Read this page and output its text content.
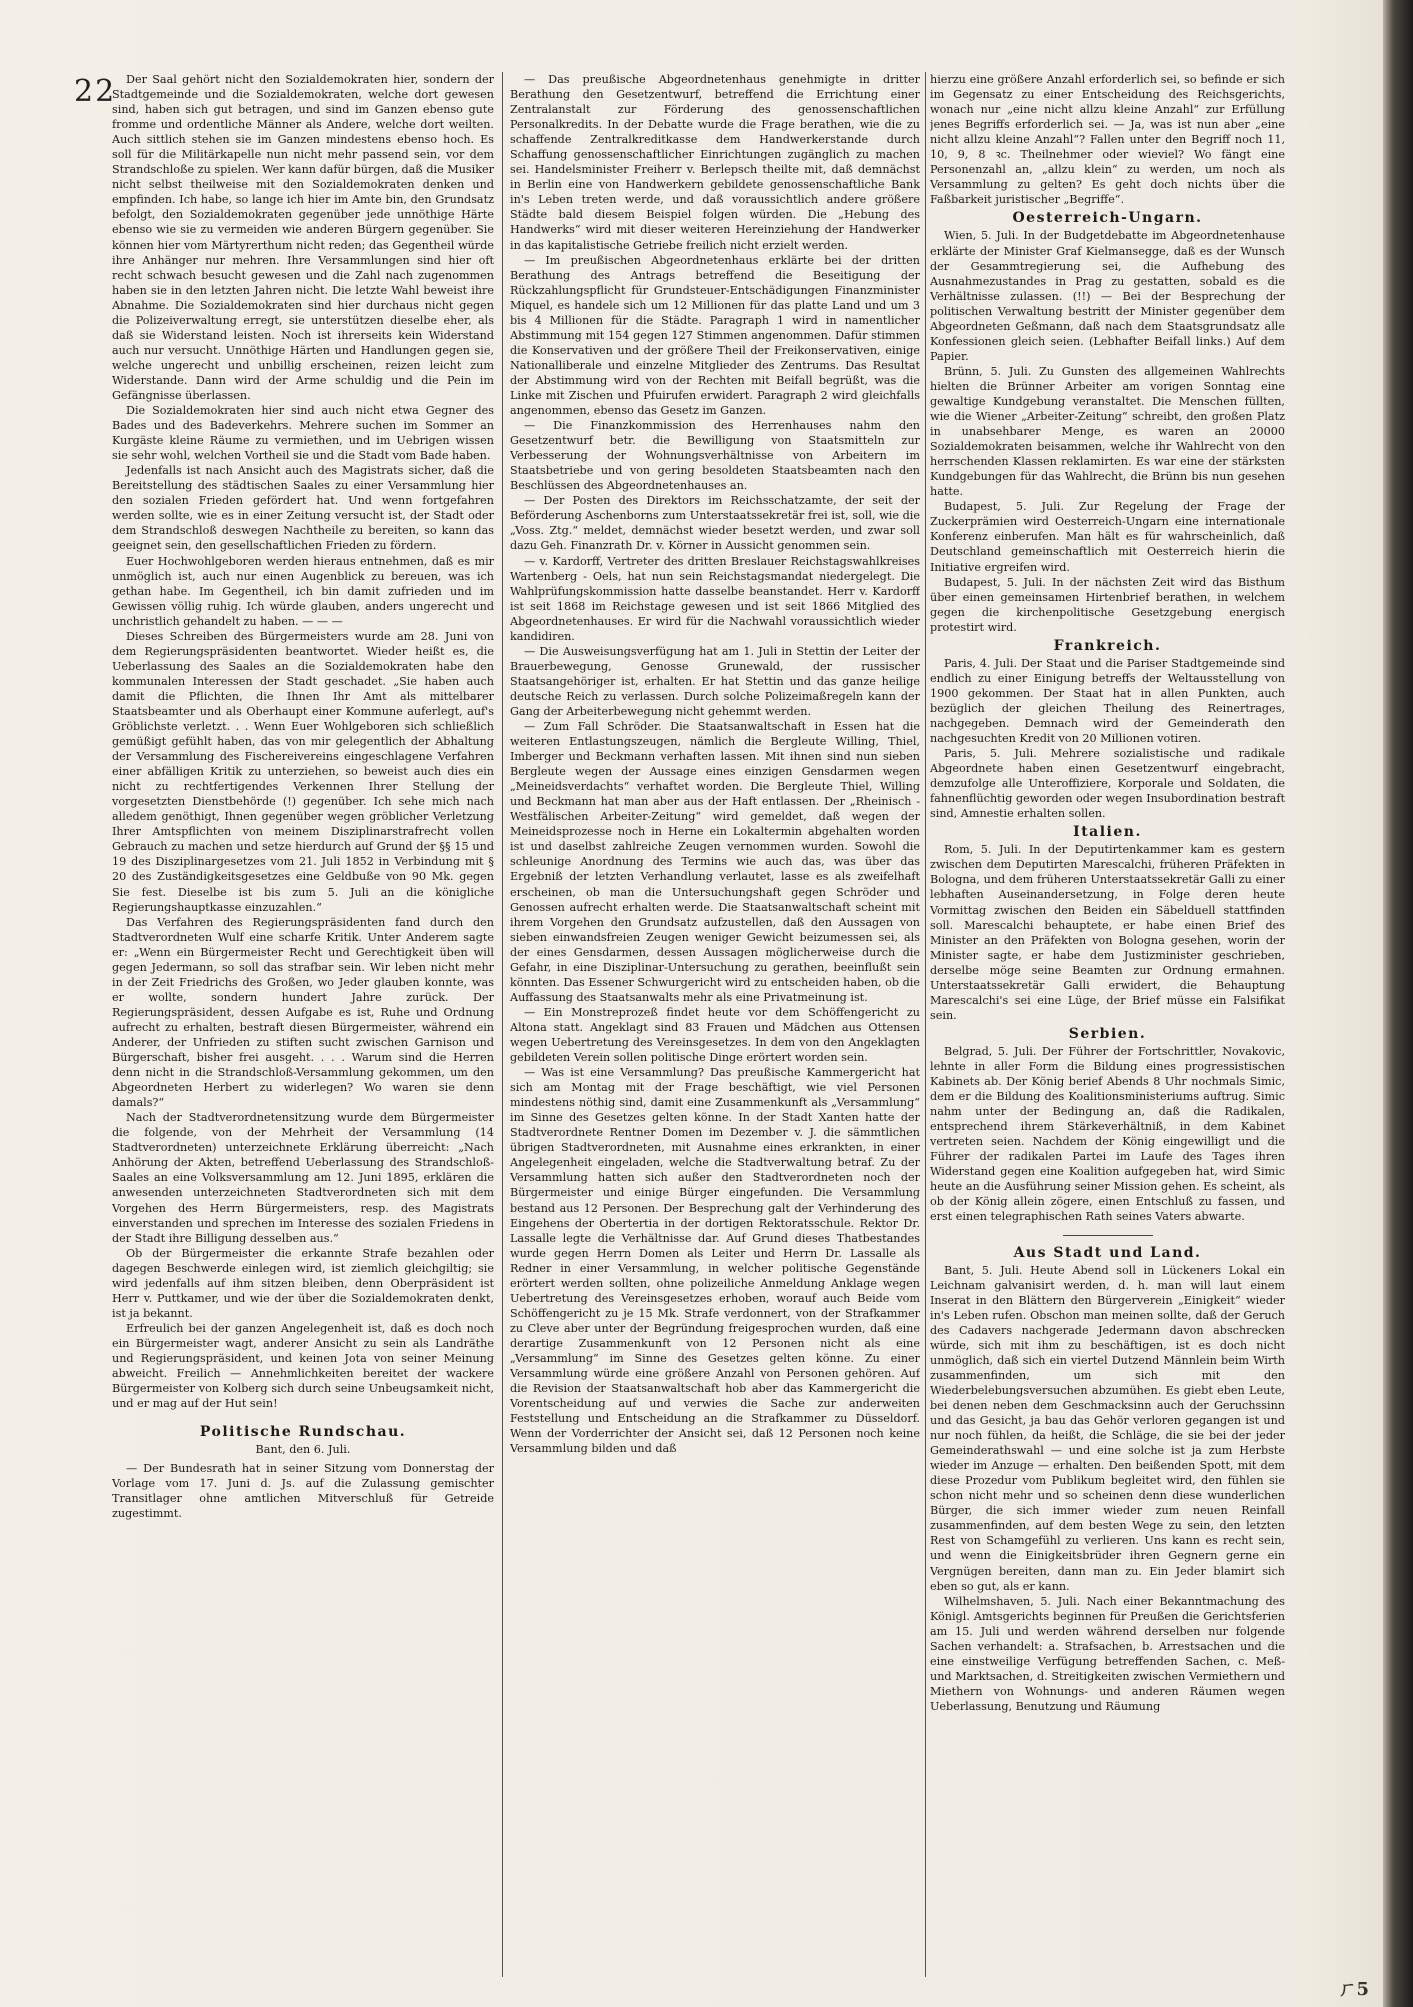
22 Der Saal gehört nicht den Sozialdemokraten hier, sondern der Stadtgemeinde und die Sozialdemokraten, welche dort gewesen sind, haben sich gut betragen, und sind im Ganzen ebenso gute fromme und ordentliche Männer als Andere, welche dort weilten. Auch sittlich stehen sie im Ganzen mindestens ebenso hoch. Es soll für die Militärkapelle nun nicht mehr passend sein, vor dem Strandschloße zu spielen. Wer kann dafür bürgen, daß die Musiker nicht selbst theilweise mit den Sozialdemokraten denken und empfinden. Ich habe, so lange ich hier im Amte bin, den Grundsatz befolgt, den Sozialdemokraten gegenüber jede unnöthige Härte ebenso wie sie zu vermeiden wie anderen Bürgern gegenüber. Sie können hier vom Märtyrerthum nicht reden; das Gegentheil würde ihre Anhänger nur mehren. Ihre Versammlungen sind hier oft recht schwach besucht gewesen und die Zahl nach zugenommen haben sie in den letzten Jahren nicht. Die letzte Wahl beweist ihre Abnahme. Die Sozialdemokraten sind hier durchaus nicht gegen die Polizeiverwaltung erregt, sie unterstützen dieselbe eher, als daß sie Widerstand leisten. Noch ist ihrerseits kein Widerstand auch nur versucht. Unnöthige Härten und Handlungen gegen sie, welche ungerecht und unbillig erscheinen, reizen leicht zum Widerstande. Dann wird der Arme schuldig und die Pein im Gefängnisse überlassen.

Die Sozialdemokraten hier sind auch nicht etwa Gegner des Bades und des Badeverkehrs. Mehrere suchen im Sommer an Kurgäste kleine Räume zu vermiethen, und im Uebrigen wissen sie sehr wohl, welchen Vortheil sie und die Stadt vom Bade haben.

Jedenfalls ist nach Ansicht auch des Magistrats sicher, daß die Bereitstellung des städtischen Saales zu einer Versammlung hier den sozialen Frieden gefördert hat. Und wenn fortgefahren werden sollte, wie es in einer Zeitung versucht ist, der Stadt oder dem Strandschloß deswegen Nachtheile zu bereiten, so kann das geeignet sein, den gesellschaftlichen Frieden zu fördern.

Euer Hochwohlgeboren werden hieraus entnehmen, daß es mir unmöglich ist, auch nur einen Augenblick zu bereuen, was ich gethan habe. Im Gegentheil, ich bin damit zufrieden und im Gewissen völlig ruhig. Ich würde glauben, anders ungerecht und unchristlich gehandelt zu haben. — — —

Dieses Schreiben des Bürgermeisters wurde am 28. Juni von dem Regierungspräsidenten beantwortet. Wieder heißt es, die Ueberlassung des Saales an die Sozialdemokraten habe den kommunalen Interessen der Stadt geschadet. „Sie haben auch damit die Pflichten, die Ihnen Ihr Amt als mittelbarer Staatsbeamter und als Oberhaupt einer Kommune auferlegt, auf's Gröblichste verletzt. . . Wenn Euer Wohlgeboren sich schließlich gemüßigt gefühlt haben, das von mir gelegentlich der Abhaltung der Versammlung des Fischereivereins eingeschlagene Verfahren einer abfälligen Kritik zu unterziehen, so beweist auch dies ein nicht zu rechtfertigendes Verkennen Ihrer Stellung der vorgesetzten Dienstbehörde (!) gegenüber. Ich sehe mich nach alledem genöthigt, Ihnen gegenüber wegen gröblicher Verletzung Ihrer Amtspflichten von meinem Disziplinarstrafrecht vollen Gebrauch zu machen und setze hierdurch auf Grund der §§ 15 und 19 des Disziplinargesetzes vom 21. Juli 1852 in Verbindung mit § 20 des Zuständigkeitsgesetzes eine Geldbuße von 90 Mk. gegen Sie fest. Dieselbe ist bis zum 5. Juli an die königliche Regierungshauptkasse einzuzahlen.“

Das Verfahren des Regierungspräsidenten fand durch den Stadtverordneten Wulf eine scharfe Kritik. Unter Anderem sagte er: „Wenn ein Bürgermeister Recht und Gerechtigkeit üben will gegen Jedermann, so soll das strafbar sein. Wir leben nicht mehr in der Zeit Friedrichs des Großen, wo Jeder glauben konnte, was er wollte, sondern hundert Jahre zurück. Der Regierungspräsident, dessen Aufgabe es ist, Ruhe und Ordnung aufrecht zu erhalten, bestraft diesen Bürgermeister, während ein Anderer, der Unfrieden zu stiften sucht zwischen Garnison und Bürgerschaft, bisher frei ausgeht. . . . Warum sind die Herren denn nicht in die Strandschloß-Versammlung gekommen, um den Abgeordneten Herbert zu widerlegen? Wo waren sie denn damals?“

Nach der Stadtverordnetensitzung wurde dem Bürgermeister die folgende, von der Mehrheit der Versammlung (14 Stadtverordneten) unterzeichnete Erklärung überreicht: „Nach Anhörung der Akten, betreffend Ueberlassung des Strandschloß-Saales an eine Volksversammlung am 12. Juni 1895, erklären die anwesenden unterzeichneten Stadtverordneten sich mit dem Vorgehen des Herrn Bürgermeisters, resp. des Magistrats einverstanden und sprechen im Interesse des sozialen Friedens in der Stadt ihre Billigung desselben aus.“

Ob der Bürgermeister die erkannte Strafe bezahlen oder dagegen Beschwerde einlegen wird, ist ziemlich gleichgiltig; sie wird jedenfalls auf ihm sitzen bleiben, denn Oberpräsident ist Herr v. Puttkamer, und wie der über die Sozialdemokraten denkt, ist ja bekannt.

Erfreulich bei der ganzen Angelegenheit ist, daß es doch noch ein Bürgermeister wagt, anderer Ansicht zu sein als Landräthe und Regierungspräsident, und keinen Jota von seiner Meinung abweicht. Freilich — Annehmlichkeiten bereitet der wackere Bürgermeister von Kolberg sich durch seine Unbeugsamkeit nicht, und er mag auf der Hut sein!

Politische Rundschau.
Bant, den 6. Juli.

— Der Bundesrath hat in seiner Sitzung vom Donnerstag der Vorlage vom 17. Juni d. Js. auf die Zulassung gemischter Transitlager ohne amtlichen Mitverschluß für Getreide zugestimmt.

— Das preußische Abgeordnetenhaus genehmigte in dritter Berathung den Gesetzentwurf, betreffend die Errichtung einer Zentralanstalt zur Förderung des genossenschaftlichen Personalkredits. In der Debatte wurde die Frage berathen, wie die zu schaffende Zentralkreditkasse dem Handwerkerstande durch Schaffung genossenschaftlicher Einrichtungen zugänglich zu machen sei. Handelsminister Freiherr v. Berlepsch theilte mit, daß demnächst in Berlin eine von Handwerkern gebildete genossenschaftliche Bank in's Leben treten werde, und daß voraussichtlich andere größere Städte bald diesem Beispiel folgen würden. Die „Hebung des Handwerks“ wird mit dieser weiteren Hereinziehung der Handwerker in das kapitalistische Getriebe freilich nicht erzielt werden.

— Im preußischen Abgeordnetenhaus erklärte bei der dritten Berathung des Antrags betreffend die Beseitigung der Rückzahlungspflicht für Grundsteuer-Entschädigungen Finanzminister Miquel, es handele sich um 12 Millionen für das platte Land und um 3 bis 4 Millionen für die Städte. Paragraph 1 wird in namentlicher Abstimmung mit 154 gegen 127 Stimmen angenommen. Dafür stimmen die Konservativen und der größere Theil der Freikonservativen, einige Nationalliberale und einzelne Mitglieder des Zentrums. Das Resultat der Abstimmung wird von der Rechten mit Beifall begrüßt, was die Linke mit Zischen und Pfuirufen erwidert. Paragraph 2 wird gleichfalls angenommen, ebenso das Gesetz im Ganzen.

— Die Finanzkommission des Herrenhauses nahm den Gesetzentwurf betr. die Bewilligung von Staatsmitteln zur Verbesserung der Wohnungsverhältnisse von Arbeitern im Staatsbetriebe und von gering besoldeten Staatsbeamten nach den Beschlüssen des Abgeordnetenhauses an.

— Der Posten des Direktors im Reichsschatzamte, der seit der Beförderung Aschenborns zum Unterstaatssekretär frei ist, soll, wie die „Voss. Ztg.“ meldet, demnächst wieder besetzt werden, und zwar soll dazu Geh. Finanzrath Dr. v. Körner in Aussicht genommen sein.

— v. Kardorff, Vertreter des dritten Breslauer Reichstagswahlkreises Wartenberg - Oels, hat nun sein Reichstagsmandat niedergelegt. Die Wahlprüfungskommission hatte dasselbe beanstandet. Herr v. Kardorff ist seit 1868 im Reichstage gewesen und ist seit 1866 Mitglied des Abgeordnetenhauses. Er wird für die Nachwahl voraussichtlich wieder kandidiren.

— Die Ausweisungsverfügung hat am 1. Juli in Stettin der Leiter der Brauerbewegung, Genosse Grunewald, der russischer Staatsangehöriger ist, erhalten. Er hat Stettin und das ganze heilige deutsche Reich zu verlassen. Durch solche Polizeimaßregeln kann der Gang der Arbeiterbewegung nicht gehemmt werden.

— Zum Fall Schröder. Die Staatsanwaltschaft in Essen hat die weiteren Entlastungszeugen, nämlich die Bergleute Willing, Thiel, Imberger und Beckmann verhaften lassen. Mit ihnen sind nun sieben Bergleute wegen der Aussage eines einzigen Gensdarmen wegen „Meineidsverdachts“ verhaftet worden. Die Bergleute Thiel, Willing und Beckmann hat man aber aus der Haft entlassen. Der „Rheinisch - Westfälischen Arbeiter-Zeitung“ wird gemeldet, daß wegen der Meineidsprozesse noch in Herne ein Lokaltermin abgehalten worden ist und daselbst zahlreiche Zeugen vernommen wurden. Sowohl die schleunige Anordnung des Termins wie auch das, was über das Ergebniß der letzten Verhandlung verlautet, lasse es als zweifelhaft erscheinen, ob man die Untersuchungshaft gegen Schröder und Genossen aufrecht erhalten werde. Die Staatsanwaltschaft scheint mit ihrem Vorgehen den Grundsatz aufzustellen, daß den Aussagen von sieben einwandsfreien Zeugen weniger Gewicht beizumessen sei, als der eines Gensdarmen, dessen Aussagen möglicherweise durch die Gefahr, in eine Disziplinar-Untersuchung zu gerathen, beeinflußt sein könnten. Das Essener Schwurgericht wird zu entscheiden haben, ob die Auffassung des Staatsanwalts mehr als eine Privatmeinung ist.

— Ein Monstreprozeß findet heute vor dem Schöffengericht zu Altona statt. Angeklagt sind 83 Frauen und Mädchen aus Ottensen wegen Uebertretung des Vereinsgesetzes. In dem von den Angeklagten gebildeten Verein sollen politische Dinge erörtert worden sein.

— Was ist eine Versammlung? Das preußische Kammergericht hat sich am Montag mit der Frage beschäftigt, wie viel Personen mindestens nöthig sind, damit eine Zusammenkunft als „Versammlung“ im Sinne des Gesetzes gelten könne. In der Stadt Xanten hatte der Stadtverordnete Rentner Domen im Dezember v. J. die sämmtlichen übrigen Stadtverordneten, mit Ausnahme eines erkrankten, in einer Angelegenheit eingeladen, welche die Stadtverwaltung betraf. Zu der Versammlung hatten sich außer den Stadtverordneten noch der Bürgermeister und einige Bürger eingefunden. Die Versammlung bestand aus 12 Personen. Der Besprechung galt der Verhinderung des Eingehens der Obertertia in der dortigen Rektoratsschule. Rektor Dr. Lassalle legte die Verhältnisse dar. Auf Grund dieses Thatbestandes wurde gegen Herrn Domen als Leiter und Herrn Dr. Lassalle als Redner in einer Versammlung, in welcher politische Gegenstände erörtert werden sollten, ohne polizeiliche Anmeldung Anklage wegen Uebertretung des Vereinsgesetzes erhoben, worauf auch Beide vom Schöffengericht zu je 15 Mk. Strafe verdonnert, von der Strafkammer zu Cleve aber unter der Begründung freigesprochen wurden, daß eine derartige Zusammenkunft von 12 Personen nicht als eine „Versammlung“ im Sinne des Gesetzes gelten könne. Zu einer Versammlung würde eine größere Anzahl von Personen gehören. Auf die Revision der Staatsanwaltschaft hob aber das Kammergericht die Vorentscheidung auf und verwies die Sache zur anderweiten Feststellung und Entscheidung an die Strafkammer zu Düsseldorf. Wenn der Vorderrichter der Ansicht sei, daß 12 Personen noch keine Versammlung bilden und daß

hierzu eine größere Anzahl erforderlich sei, so befinde er sich im Gegensatz zu einer Entscheidung des Reichsgerichts, wonach nur „eine nicht allzu kleine Anzahl“ zur Erfüllung jenes Begriffs erforderlich sei. — Ja, was ist nun aber „eine nicht allzu kleine Anzahl“? Fallen unter den Begriff noch 11, 10, 9, 8 ꝛc. Theilnehmer oder wieviel? Wo fängt eine Personenzahl an, „allzu klein“ zu werden, um noch als Versammlung zu gelten? Es geht doch nichts über die Faßbarkeit juristischer „Begriffe“.

Oesterreich-Ungarn.

Wien, 5. Juli. In der Budgetdebatte im Abgeordnetenhause erklärte der Minister Graf Kielmansegge, daß es der Wunsch der Gesammtregierung sei, die Aufhebung des Ausnahmezustandes in Prag zu gestatten, sobald es die Verhältnisse zulassen. (!!) — Bei der Besprechung der politischen Verwaltung bestritt der Minister gegenüber dem Abgeordneten Geßmann, daß nach dem Staatsgrundsatz alle Konfessionen gleich seien. (Lebhafter Beifall links.) Auf dem Papier.

Brünn, 5. Juli. Zu Gunsten des allgemeinen Wahlrechts hielten die Brünner Arbeiter am vorigen Sonntag eine gewaltige Kundgebung veranstaltet. Die Menschen füllten, wie die Wiener „Arbeiter-Zeitung“ schreibt, den großen Platz in unabsehbarer Menge, es waren an 20000 Sozialdemokraten beisammen, welche ihr Wahlrecht von den herrschenden Klassen reklamirten. Es war eine der stärksten Kundgebungen für das Wahlrecht, die Brünn bis nun gesehen hatte.

Budapest, 5. Juli. Zur Regelung der Frage der Zuckerprämien wird Oesterreich-Ungarn eine internationale Konferenz einberufen. Man hält es für wahrscheinlich, daß Deutschland gemeinschaftlich mit Oesterreich hierin die Initiative ergreifen wird.

Budapest, 5. Juli. In der nächsten Zeit wird das Bisthum über einen gemeinsamen Hirtenbrief berathen, in welchem gegen die kirchenpolitische Gesetzgebung energisch protestirt wird.

Frankreich.

Paris, 4. Juli. Der Staat und die Pariser Stadtgemeinde sind endlich zu einer Einigung betreffs der Weltausstellung von 1900 gekommen. Der Staat hat in allen Punkten, auch bezüglich der gleichen Theilung des Reinertrages, nachgegeben. Demnach wird der Gemeinderath den nachgesuchten Kredit von 20 Millionen votiren.

Paris, 5. Juli. Mehrere sozialistische und radikale Abgeordnete haben einen Gesetzentwurf eingebracht, demzufolge alle Unteroffiziere, Korporale und Soldaten, die fahnenflüchtig geworden oder wegen Insubordination bestraft sind, Amnestie erhalten sollen.

Italien.

Rom, 5. Juli. In der Deputirtenkammer kam es gestern zwischen dem Deputirten Marescalchi, früheren Präfekten in Bologna, und dem früheren Unterstaatssekretär Galli zu einer lebhaften Auseinandersetzung, in Folge deren heute Vormittag zwischen den Beiden ein Säbelduell stattfinden soll. Marescalchi behauptete, er habe einen Brief des Minister an den Präfekten von Bologna gesehen, worin der Minister sagte, er habe dem Justizminister geschrieben, derselbe möge seine Beamten zur Ordnung ermahnen. Unterstaatssekretär Galli erwidert, die Behauptung Marescalchi's sei eine Lüge, der Brief müsse ein Falsifikat sein.

Serbien.

Belgrad, 5. Juli. Der Führer der Fortschrittler, Novakovic, lehnte in aller Form die Bildung eines progressistischen Kabinets ab. Der König berief Abends 8 Uhr nochmals Simic, dem er die Bildung des Koalitionsministeriums auftrug. Simic nahm unter der Bedingung an, daß die Radikalen, entsprechend ihrem Stärkeverhältniß, in dem Kabinet vertreten seien. Nachdem der König eingewilligt und die Führer der radikalen Partei im Laufe des Tages ihren Widerstand gegen eine Koalition aufgegeben hat, wird Simic heute an die Ausführung seiner Mission gehen. Es scheint, als ob der König allein zögere, einen Entschluß zu fassen, und erst einen telegraphischen Rath seines Vaters abwarte.

Aus Stadt und Land.

Bant, 5. Juli. Heute Abend soll in Lückeners Lokal ein Leichnam galvanisirt werden, d. h. man will laut einem Inserat in den Blättern den Bürgerverein „Einigkeit“ wieder in's Leben rufen. Obschon man meinen sollte, daß der Geruch des Cadavers nachgerade Jedermann davon abschrecken würde, sich mit ihm zu beschäftigen, ist es doch nicht unmöglich, daß sich ein viertel Dutzend Männlein beim Wirth zusammenfinden, um sich mit den Wiederbelebungsversuchen abzumühen. Es giebt eben Leute, bei denen neben dem Geschmacksinn auch der Geruchssinn und das Gesicht, ja bau das Gehör verloren gegangen ist und nur noch fühlen, da heißt, die Schläge, die sie bei der jeder Gemeinderathswahl — und eine solche ist ja zum Herbste wieder im Anzuge — erhalten. Den beißenden Spott, mit dem diese Prozedur vom Publikum begleitet wird, den fühlen sie schon nicht mehr und so scheinen denn diese wunderlichen Bürger, die sich immer wieder zum neuen Reinfall zusammenfinden, auf dem besten Wege zu sein, den letzten Rest von Schamgefühl zu verlieren. Uns kann es recht sein, und wenn die Einigkeitsbrüder ihren Gegnern gerne ein Vergnügen bereiten, dann man zu. Ein Jeder blamirt sich eben so gut, als er kann.

Wilhelmshaven, 5. Juli. Nach einer Bekanntmachung des Königl. Amtsgerichts beginnen für Preußen die Gerichtsferien am 15. Juli und werden während derselben nur folgende Sachen verhandelt: a. Strafsachen, b. Arrestsachen und die eine einstweilige Verfügung betreffenden Sachen, c. Meß- und Marktsachen, d. Streitigkeiten zwischen Vermiethern und Miethern von Wohnungs- und anderen Räumen wegen Ueberlassung, Benutzung und Räumung

ㄏ5
